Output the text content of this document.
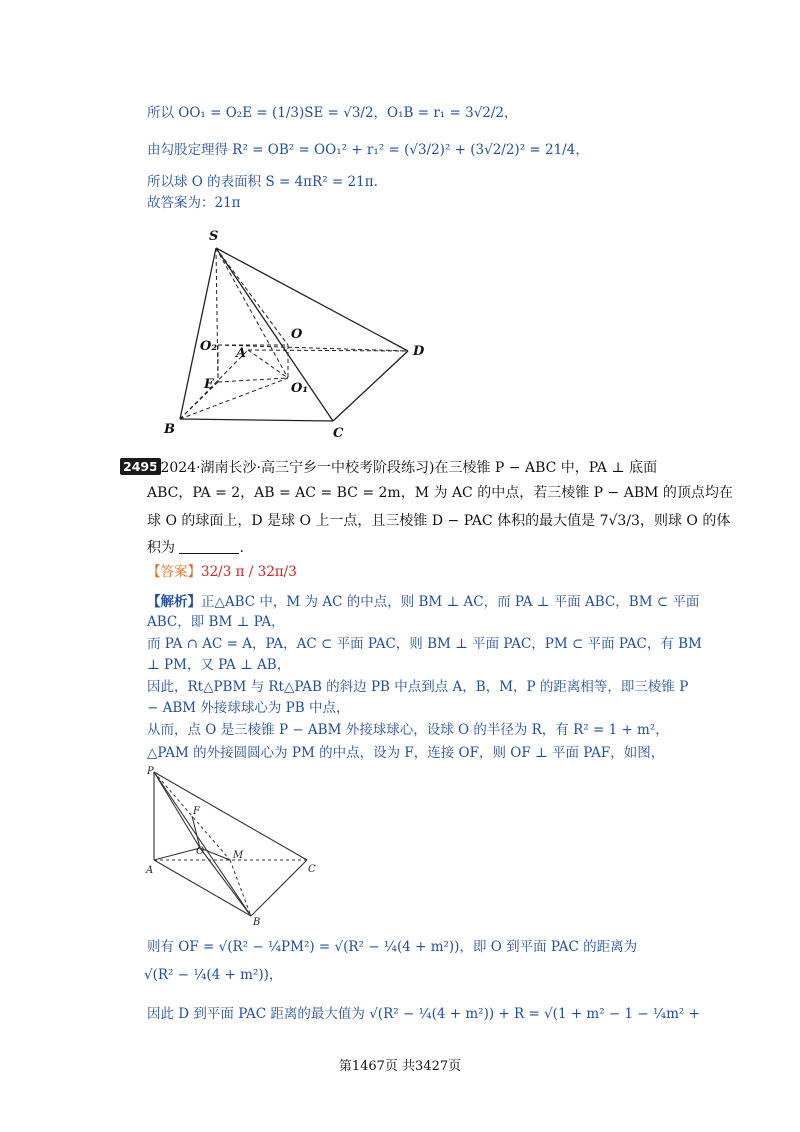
所以 OO₁ = O₂E = (1/3)SE = √3/2，O₁B = r₁ = 3√2/2，
由勾股定理得 R² = OB² = OO₁² + r₁² = (√3/2)² + (3√2/2)² = 21/4，
所以球 O 的表面积 S = 4πR² = 21π.
故答案为：21π
S
O
O₂ A	D
E	O₁
B	C
2495
(2024·湖南长沙·高三宁乡一中校考阶段练习)在三棱锥 P − ABC 中，PA ⊥ 底面
ABC，PA = 2，AB = AC = BC = 2m，M 为 AC 的中点，若三棱锥 P − ABM 的顶点均在
球 O 的球面上，D 是球 O 上一点，且三棱锥 D − PAC 体积的最大值是 7√3/3，则球 O 的体
积为	.
【答案】32/3 π / 32π/3
【解析】正△ABC 中，M 为 AC 的中点，则 BM ⊥ AC，而 PA ⊥ 平面 ABC，BM ⊂ 平面
ABC，即 BM ⊥ PA，
而 PA ∩ AC = A，PA，AC ⊂ 平面 PAC，则 BM ⊥ 平面 PAC，PM ⊂ 平面 PAC，有 BM
⊥ PM，又 PA ⊥ AB，
因此，Rt△PBM 与 Rt△PAB 的斜边 PB 中点到点 A，B，M，P 的距离相等，即三棱锥 P
− ABM 外接球球心为 PB 中点，
从而，点 O 是三棱锥 P − ABM 外接球球心，设球 O 的半径为 R，有 R² = 1 + m²，
△PAM 的外接圆圆心为 PM 的中点，设为 F，连接 OF，则 OF ⊥ 平面 PAF，如图，
P
F
O	M
A	C
B
则有 OF = √(R² − ¼PM²) = √(R² − ¼(4 + m²))，即 O 到平面 PAC 的距离为
√(R² − ¼(4 + m²))，
因此 D 到平面 PAC 距离的最大值为 √(R² − ¼(4 + m²)) + R = √(1 + m² − 1 − ¼m² +
第1467页 共3427页
